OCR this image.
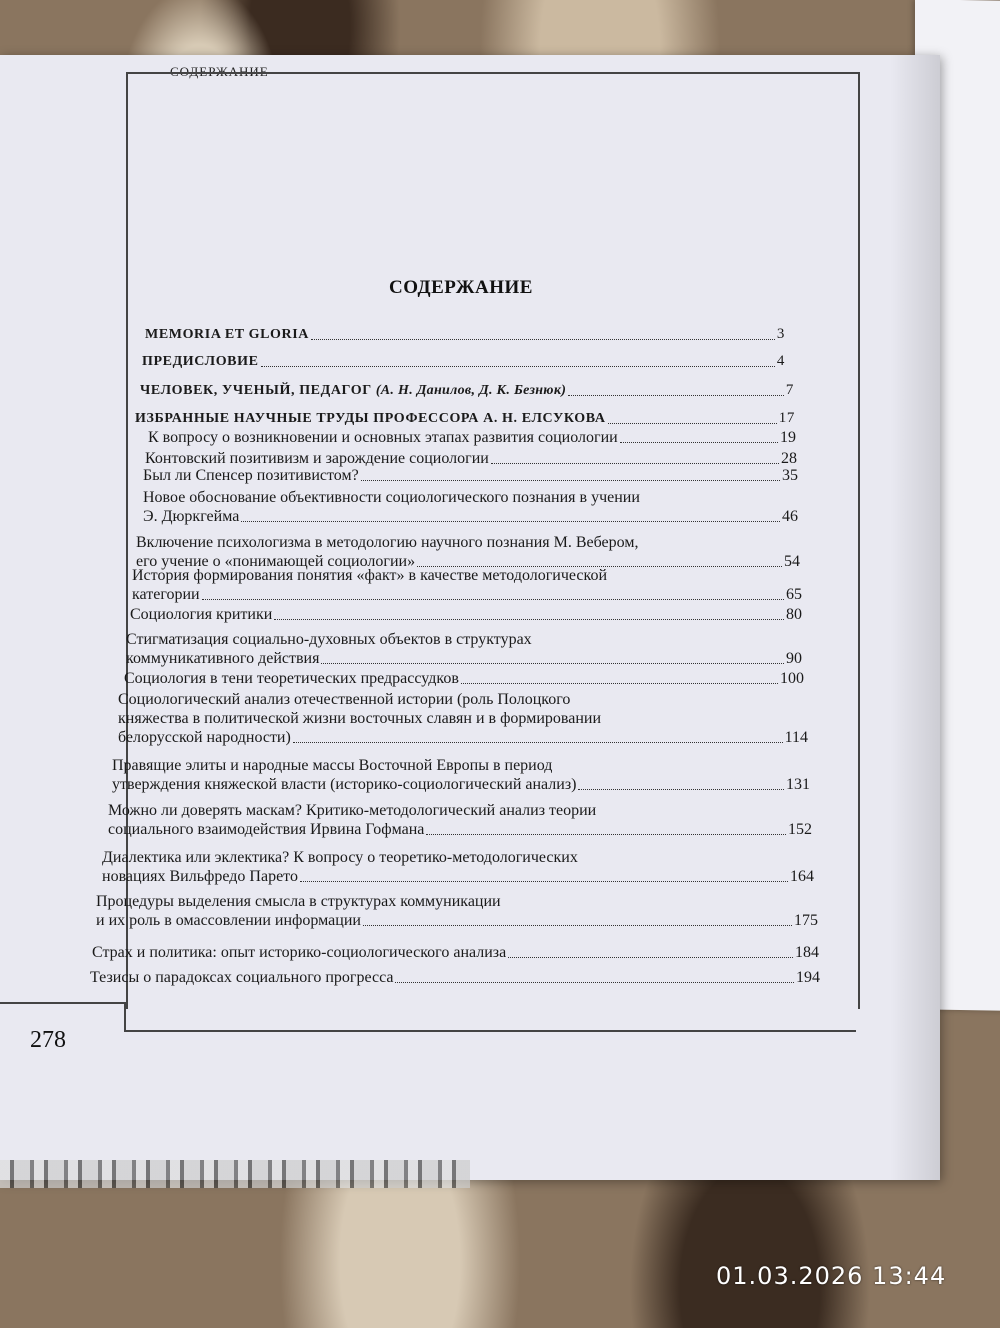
СОДЕРЖАНИЕ
СОДЕРЖАНИЕ
MEMORIA ET GLORIA	3
ПРЕДИСЛОВИЕ	4
ЧЕЛОВЕК, УЧЕНЫЙ, ПЕДАГОГ
(А. Н. Данилов, Д. К. Безнюк)	7
ИЗБРАННЫЕ НАУЧНЫЕ ТРУДЫ ПРОФЕССОРА А. Н. ЕЛСУКОВА	17
К вопросу о возникновении и основных этапах развития социологии	19
Контовский позитивизм и зарождение социологии	28
Был ли Спенсер позитивистом?	35
Новое обоснование объективности социологического познания в учении
Э. Дюркгейма	46
Включение психологизма в методологию научного познания М. Вебером,
его учение о «понимающей социологии»	54
История формирования понятия «факт» в качестве методологической
категории	65
Социология критики	80
Стигматизация социально-духовных объектов в структурах
коммуникативного действия	90
Социология в тени теоретических предрассудков	100
Социологический анализ отечественной истории (роль Полоцкого
княжества в политической жизни восточных славян и в формировании
белорусской народности)	114
Правящие элиты и народные массы Восточной Европы в период
утверждения княжеской власти (историко-социологический анализ)	131
Можно ли доверять маскам? Критико-методологический анализ теории
социального взаимодействия Ирвина Гофмана	152
Диалектика или эклектика? К вопросу о теоретико-методологических
новациях Вильфредо Парето	164
Процедуры выделения смысла в структурах коммуникации
и их роль в омассовлении информации	175
Страх и политика: опыт историко-социологического анализа	184
Тезисы о парадоксах социального прогресса	194
278
01.03.2026 13:44
